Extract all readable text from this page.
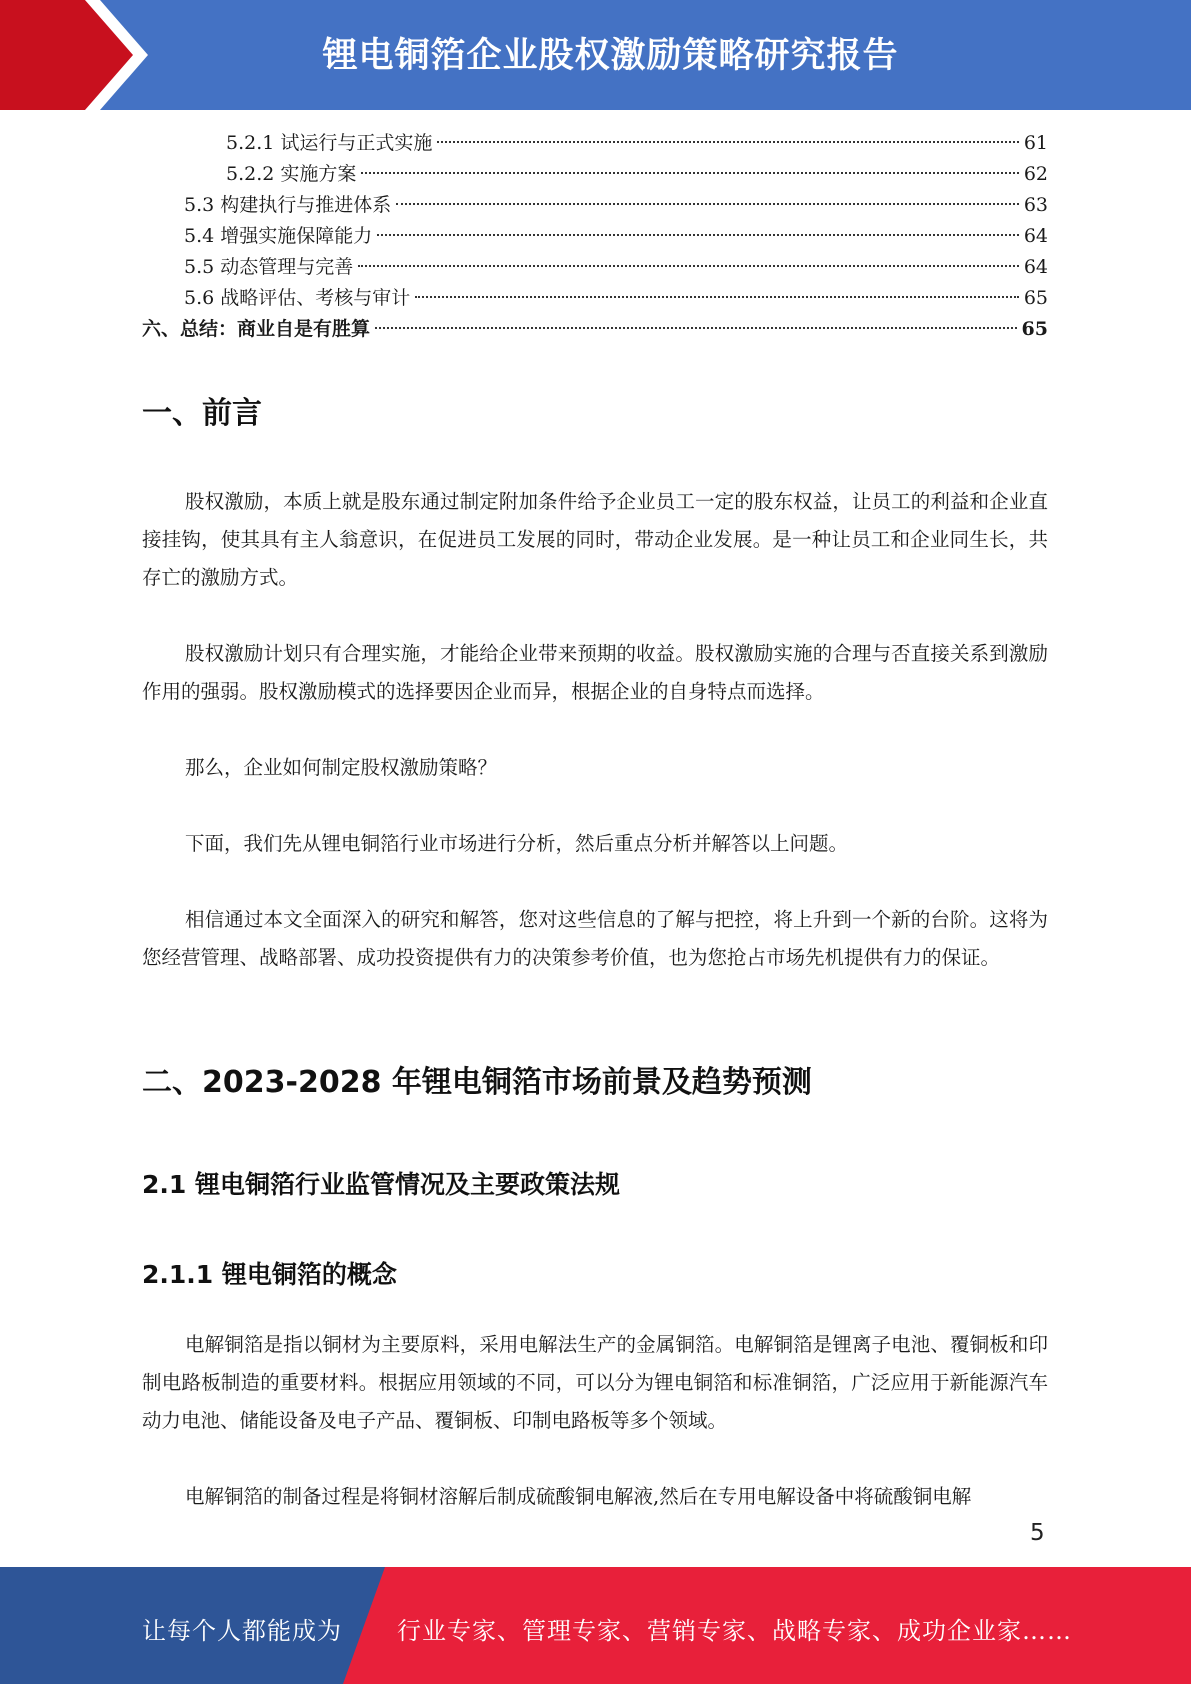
锂电铜箔企业股权激励策略研究报告
5.2.1 试运行与正式实施	61
5.2.2 实施方案	62
5.3 构建执行与推进体系	63
5.4 增强实施保障能力	64
5.5 动态管理与完善	64
5.6 战略评估、考核与审计	65
六、总结：商业自是有胜算	65
一、前言
股权激励，本质上就是股东通过制定附加条件给予企业员工一定的股东权益，让员工的利益和企业直接挂钩，使其具有主人翁意识，在促进员工发展的同时，带动企业发展。是一种让员工和企业同生长，共存亡的激励方式。
股权激励计划只有合理实施，才能给企业带来预期的收益。股权激励实施的合理与否直接关系到激励作用的强弱。股权激励模式的选择要因企业而异，根据企业的自身特点而选择。
那么，企业如何制定股权激励策略？
下面，我们先从锂电铜箔行业市场进行分析，然后重点分析并解答以上问题。
相信通过本文全面深入的研究和解答，您对这些信息的了解与把控，将上升到一个新的台阶。这将为您经营管理、战略部署、成功投资提供有力的决策参考价值，也为您抢占市场先机提供有力的保证。
二、2023-2028 年锂电铜箔市场前景及趋势预测
2.1 锂电铜箔行业监管情况及主要政策法规
2.1.1 锂电铜箔的概念
电解铜箔是指以铜材为主要原料，采用电解法生产的金属铜箔。电解铜箔是锂离子电池、覆铜板和印制电路板制造的重要材料。根据应用领域的不同，可以分为锂电铜箔和标准铜箔，广泛应用于新能源汽车动力电池、储能设备及电子产品、覆铜板、印制电路板等多个领域。
电解铜箔的制备过程是将铜材溶解后制成硫酸铜电解液,然后在专用电解设备中将硫酸铜电解
5
让每个人都能成为 行业专家、管理专家、营销专家、战略专家、成功企业家……
